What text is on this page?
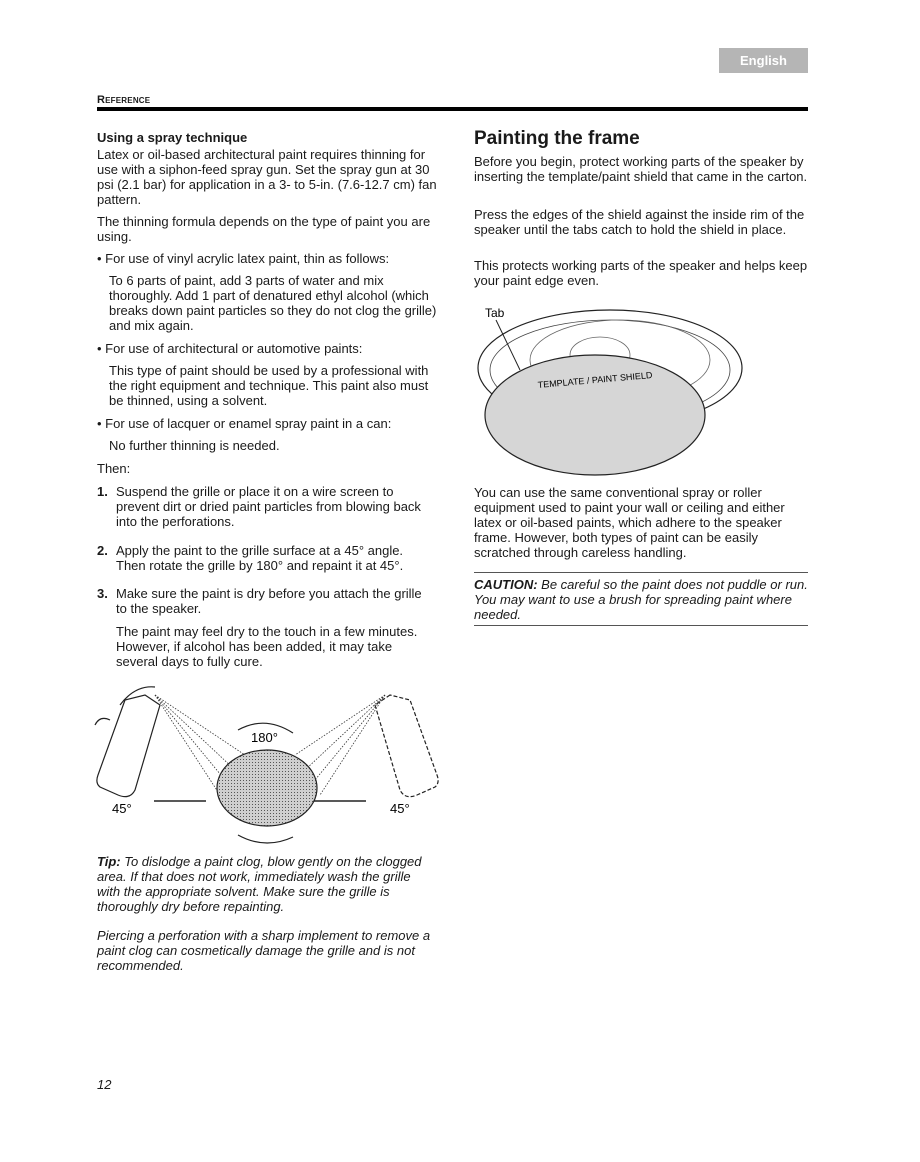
English
Reference
Using a spray technique
Latex or oil-based architectural paint requires thinning for use with a siphon-feed spray gun. Set the spray gun at 30 psi (2.1 bar) for application in a 3- to 5-in. (7.6-12.7 cm) fan pattern.
The thinning formula depends on the type of paint you are using.
• For use of vinyl acrylic latex paint, thin as follows:
To 6 parts of paint, add 3 parts of water and mix thoroughly. Add 1 part of denatured ethyl alcohol (which breaks down paint particles so they do not clog the grille) and mix again.
• For use of architectural or automotive paints:
This type of paint should be used by a professional with the right equipment and technique. This paint also must be thinned, using a solvent.
• For use of lacquer or enamel spray paint in a can:
No further thinning is needed.
Then:
1. Suspend the grille or place it on a wire screen to prevent dirt or dried paint particles from blowing back into the perforations.
2. Apply the paint to the grille surface at a 45° angle. Then rotate the grille by 180° and repaint it at 45°.
3. Make sure the paint is dry before you attach the grille to the speaker.
The paint may feel dry to the touch in a few minutes. However, if alcohol has been added, it may take several days to fully cure.
180°
45°	45°
Tip: To dislodge a paint clog, blow gently on the clogged area. If that does not work, immediately wash the grille with the appropriate solvent. Make sure the grille is thoroughly dry before repainting.
Piercing a perforation with a sharp implement to remove a paint clog can cosmetically damage the grille and is not recommended.
Painting the frame
Before you begin, protect working parts of the speaker by inserting the template/paint shield that came in the carton.
Press the edges of the shield against the inside rim of the speaker until the tabs catch to hold the shield in place.
This protects working parts of the speaker and helps keep your paint edge even.
Tab
TEMPLATE / PAINT SHIELD
You can use the same conventional spray or roller equipment used to paint your wall or ceiling and either latex or oil-based paints, which adhere to the speaker frame. However, both types of paint can be easily scratched through careless handling.
CAUTION: Be careful so the paint does not puddle or run. You may want to use a brush for spreading paint where needed.
12
